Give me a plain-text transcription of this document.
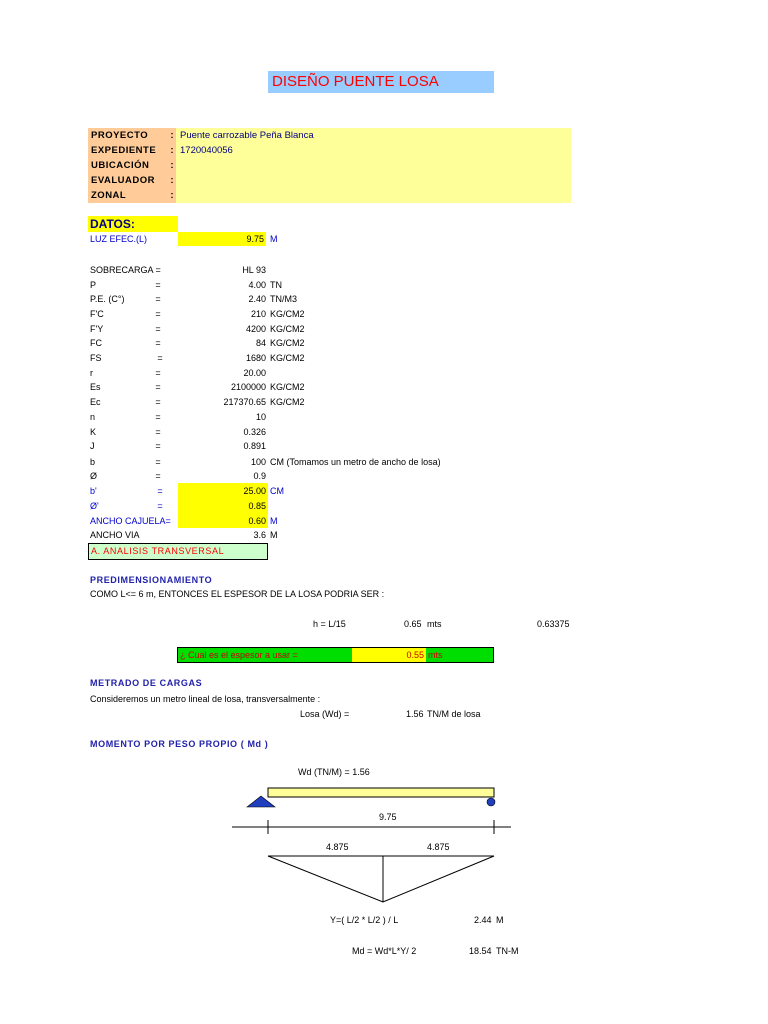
DISEÑO PUENTE LOSA
PROYECTO : Puente carrozable Peña Blanca
EXPEDIENTE : 1720040056
UBICACIÓN :
EVALUADOR :
ZONAL	:
DATOS:
LUZ EFEC.(L)	9.75 M
SOBRECARGA =	HL 93
P	=	4.00 TN
P.E. (C°)	=	2.40 TN/M3
F'C	=	210 KG/CM2
F'Y	=	4200 KG/CM2
FC	=	84 KG/CM2
FS	=	1680 KG/CM2
r	=	20.00
Es	=	2100000 KG/CM2
Ec	=	217370.65 KG/CM2
n	=	10
K	=	0.326
J	=	0.891
b	=	100 CM (Tomamos un metro de ancho de losa)
Ø	=	0.9
b'	=	25.00 CM
Ø'	=	0.85
ANCHO CAJUELA=	0.60 M
ANCHO VIA	3.6 M
A. ANALISIS TRANSVERSAL
PREDIMENSIONAMIENTO
COMO L<= 6 m, ENTONCES EL ESPESOR DE LA LOSA PODRIA SER :
h = L/15	0.65 mts	0.63375
¿ Cual es el espesor a usar =	0.55 mts
METRADO DE CARGAS
Consideremos un metro lineal de losa, transversalmente :
Losa (Wd) =	1.56 TN/M de losa
MOMENTO POR PESO PROPIO ( Md )
Wd (TN/M) = 1.56
9.75
4.875	4.875
Y=( L/2 * L/2 ) / L	2.44 M
Md = Wd*L*Y/ 2	18.54 TN-M
